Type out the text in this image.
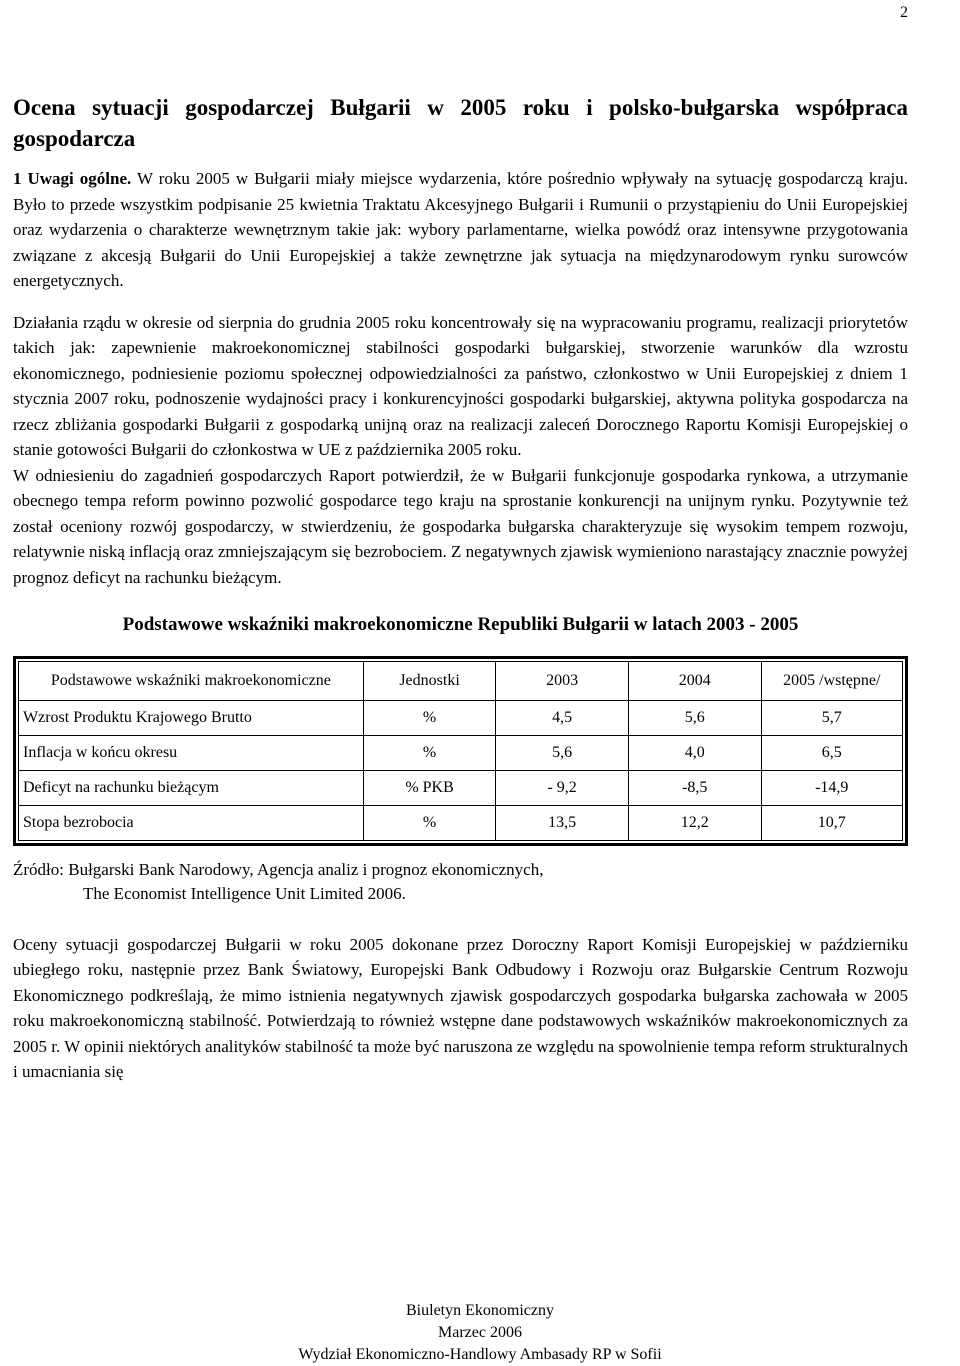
2
Ocena sytuacji gospodarczej Bułgarii w 2005 roku i polsko-bułgarska współpraca gospodarcza

1 Uwagi ogólne. W roku 2005 w Bułgarii miały miejsce wydarzenia, które pośrednio wpływały na sytuację gospodarczą kraju. Było to przede wszystkim podpisanie 25 kwietnia Traktatu Akcesyjnego Bułgarii i Rumunii o przystąpieniu do Unii Europejskiej oraz wydarzenia o charakterze wewnętrznym takie jak: wybory parlamentarne, wielka powódź oraz intensywne przygotowania związane z akcesją Bułgarii do Unii Europejskiej a także zewnętrzne jak sytuacja na międzynarodowym rynku surowców energetycznych.

Działania rządu w okresie od sierpnia do grudnia 2005 roku koncentrowały się na wypracowaniu programu, realizacji priorytetów takich jak: zapewnienie makroekonomicznej stabilności gospodarki bułgarskiej, stworzenie warunków dla wzrostu ekonomicznego, podniesienie poziomu społecznej odpowiedzialności za państwo, członkostwo w Unii Europejskiej z dniem 1 stycznia 2007 roku, podnoszenie wydajności pracy i konkurencyjności gospodarki bułgarskiej, aktywna polityka gospodarcza na rzecz zbliżania gospodarki Bułgarii z gospodarką unijną oraz na realizacji zaleceń Dorocznego Raportu Komisji Europejskiej o stanie gotowości Bułgarii do członkostwa w UE z października 2005 roku.

W odniesieniu do zagadnień gospodarczych Raport potwierdził, że w Bułgarii funkcjonuje gospodarka rynkowa, a utrzymanie obecnego tempa reform powinno pozwolić gospodarce tego kraju na sprostanie konkurencji na unijnym rynku. Pozytywnie też został oceniony rozwój gospodarczy, w stwierdzeniu, że gospodarka bułgarska charakteryzuje się wysokim tempem rozwoju, relatywnie niską inflacją oraz zmniejszającym się bezrobociem. Z negatywnych zjawisk wymieniono narastający znacznie powyżej prognoz deficyt na rachunku bieżącym.

Podstawowe wskaźniki makroekonomiczne Republiki Bułgarii w latach 2003 - 2005
Podstawowe wskaźniki makroekonomiczne	Jednostki	2003	2004	2005 /wstępne/
Wzrost Produktu Krajowego Brutto	%	4,5	5,6	5,7
Inflacja w końcu okresu	%	5,6	4,0	6,5
Deficyt na rachunku bieżącym	% PKB	- 9,2	-8,5	-14,9
Stopa bezrobocia	%	13,5	12,2	10,7
Źródło: Bułgarski Bank Narodowy, Agencja analiz i prognoz ekonomicznych,
The Economist Intelligence Unit Limited 2006.

Oceny sytuacji gospodarczej Bułgarii w roku 2005 dokonane przez Doroczny Raport Komisji Europejskiej w październiku ubiegłego roku, następnie przez Bank Światowy, Europejski Bank Odbudowy i Rozwoju oraz Bułgarskie Centrum Rozwoju Ekonomicznego podkreślają, że mimo istnienia negatywnych zjawisk gospodarczych gospodarka bułgarska zachowała w 2005 roku makroekonomiczną stabilność. Potwierdzają to również wstępne dane podstawowych wskaźników makroekonomicznych za 2005 r. W opinii niektórych analityków stabilność ta może być naruszona ze względu na spowolnienie tempa reform strukturalnych i umacniania się

Biuletyn Ekonomiczny
Marzec 2006
Wydział Ekonomiczno-Handlowy Ambasady RP w Sofii
